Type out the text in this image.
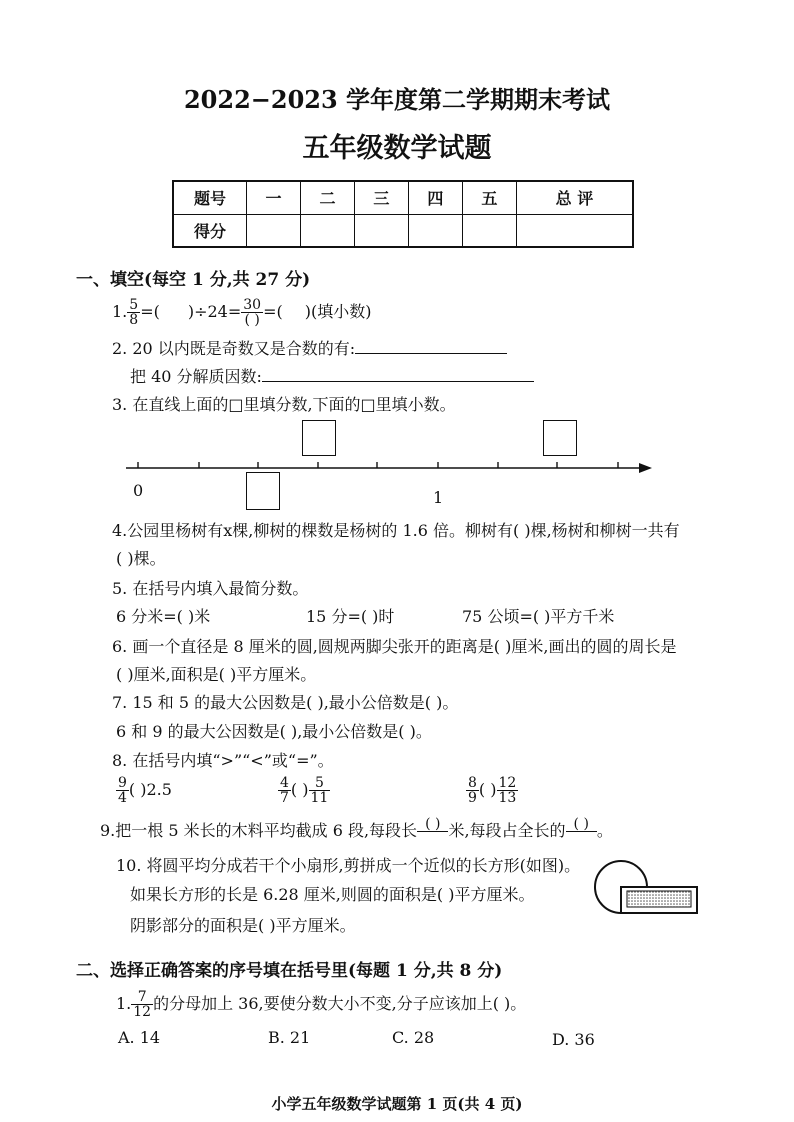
2022−2023 学年度第二学期期末考试
五年级数学试题
题号	一	二	三	四	五	总 评
得分						
一、填空(每空 1 分,共 27 分)
1. $\frac{5}{8}$ =( )$\div 24= \frac{30}{( )}$ =( )(填小数)
2. 20 以内既是奇数又是合数的有:
把 40 分解质因数:
3. 在直线上面的□里填分数,下面的□里填小数。
0	1
4.公园里杨树有x棵,柳树的棵数是杨树的 1.6 倍。柳树有( )棵,杨树和柳树一共有
( )棵。
5. 在括号内填入最简分数。
6 分米=( )米	15 分=( )时	75 公顷=( )平方千米
6. 画一个直径是 8 厘米的圆,圆规两脚尖张开的距离是( )厘米,画出的圆的周长是
( )厘米,面积是( )平方厘米。
7. 15 和 5 的最大公因数是( ),最小公倍数是( )。
6 和 9 的最大公因数是( ),最小公倍数是( )。
8. 在括号内填“>”“<”或“=”。
$\frac{9}{4}$ ( )2.5	$\frac{4}{7}$ ( ) $\frac{5}{11}$	$\frac{8}{9}$ ( ) $\frac{12}{13}$
9.把一根 5 米长的木料平均截成 6 段,每段长 ( )
米,每段占全长的 ( )
。
10. 将圆平均分成若干个小扇形,剪拼成一个近似的长方形(如图)。
如果长方形的长是 6.28 厘米,则圆的面积是( )平方厘米。
阴影部分的面积是( )平方厘米。
二、选择正确答案的序号填在括号里(每题 1 分,共 8 分)
1. $\frac{7}{12}$ 的分母加上 36,要使分数大小不变,分子应该加上( )。
A. 14	B. 21	C. 28	D. 36
小学五年级数学试题第 1 页(共 4 页)
